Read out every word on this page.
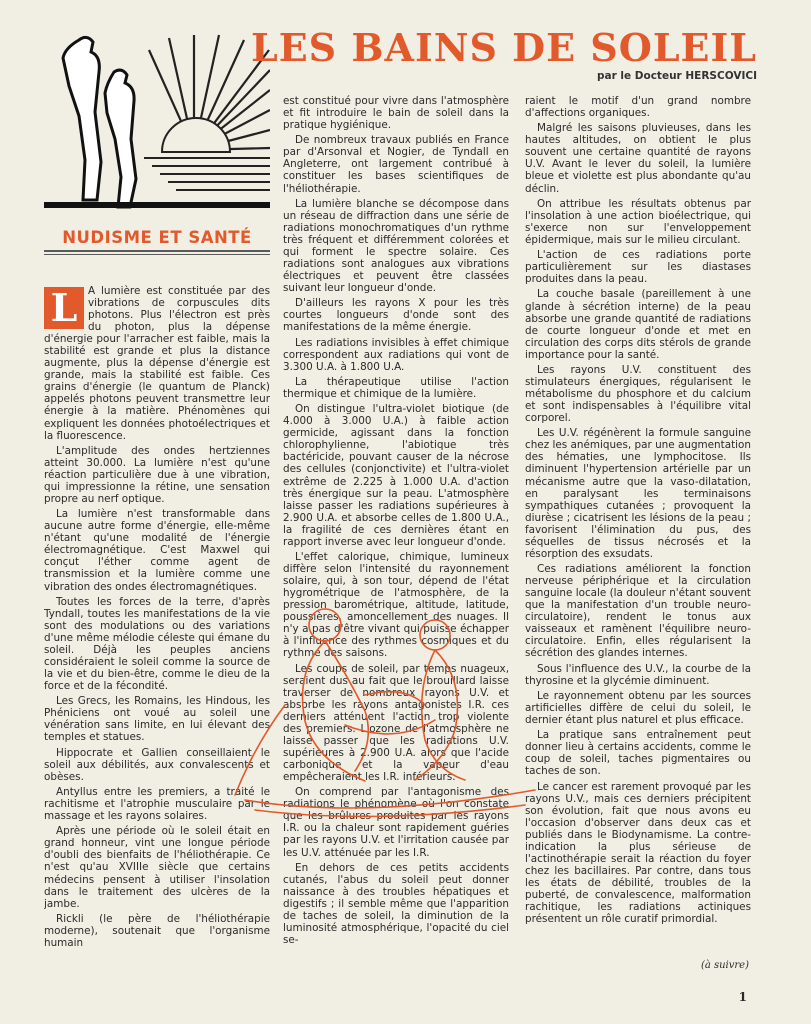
LES BAINS DE SOLEIL
par le Docteur HERSCOVICI
NUDISME ET SANTÉ

L	A lumière est constituée par des vibrations de corpuscules dits photons. Plus l'électron est près du photon, plus la dépense d'énergie pour l'arracher est faible, mais la stabilité est grande et plus la distance augmente, plus la dépense d'énergie est grande, mais la stabilité est faible. Ces grains d'énergie (le quantum de Planck) appelés photons peuvent transmettre leur énergie à la matière. Phénomènes qui expliquent les données photoélectriques et la fluorescence.

L'amplitude des ondes hertziennes atteint 30.000. La lumière n'est qu'une réaction particulière due à une vibration, qui impressionne la rétine, une sensation propre au nerf optique.

La lumière n'est transformable dans aucune autre forme d'énergie, elle-même n'étant qu'une modalité de l'énergie électromagnétique. C'est Maxwel qui conçut l'éther comme agent de transmission et la lumière comme une vibration des ondes électromagnétiques.

Toutes les forces de la terre, d'après Tyndall, toutes les manifestations de la vie sont des modulations ou des variations d'une même mélodie céleste qui émane du soleil. Déjà les peuples anciens considéraient le soleil comme la source de la vie et du bien-être, comme le dieu de la force et de la fécondité.

Les Grecs, les Romains, les Hindous, les Phéniciens ont voué au soleil une vénération sans limite, en lui élevant des temples et statues.

Hippocrate et Gallien conseillaient le soleil aux débilités, aux convalescents et obèses.

Antyllus entre les premiers, a traité le rachitisme et l'atrophie musculaire par le massage et les rayons solaires.

Après une période où le soleil était en grand honneur, vint une longue période d'oubli des bienfaits de l'héliothérapie. Ce n'est qu'au XVIIIe siècle que certains médecins pensent à utiliser l'insolation dans le traitement des ulcères de la jambe.

Rickli (le père de l'héliothérapie moderne), soutenait que l'organisme humain

est constitué pour vivre dans l'atmosphère et fit introduire le bain de soleil dans la pratique hygiénique.

De nombreux travaux publiés en France par d'Arsonval et Nogier, de Tyndall en Angleterre, ont largement contribué à constituer les bases scientifiques de l'héliothérapie.

La lumière blanche se décompose dans un réseau de diffraction dans une série de radiations monochromatiques d'un rythme très fréquent et différemment colorées et qui forment le spectre solaire. Ces radiations sont analogues aux vibrations électriques et peuvent être classées suivant leur longueur d'onde.

D'ailleurs les rayons X pour les très courtes longueurs d'onde sont des manifestations de la même énergie.

Les radiations invisibles à effet chimique correspondent aux radiations qui vont de 3.300 U.A. à 1.800 U.A.

La thérapeutique utilise l'action thermique et chimique de la lumière.

On distingue l'ultra-violet biotique (de 4.000 à 3.000 U.A.) à faible action germicide, agissant dans la fonction chlorophylienne, l'abiotique très bactéricide, pouvant causer de la nécrose des cellules (conjonctivite) et l'ultra-violet extrême de 2.225 à 1.000 U.A. d'action très énergique sur la peau. L'atmosphère laisse passer les radiations supérieures à 2.900 U.A. et absorbe celles de 1.800 U.A., la fragilité de ces dernières étant en rapport inverse avec leur longueur d'onde.

L'effet calorique, chimique, lumineux diffère selon l'intensité du rayonnement solaire, qui, à son tour, dépend de l'état hygrométrique de l'atmosphère, de la pression barométrique, altitude, latitude, poussières, amoncellement des nuages. Il n'y a pas d'être vivant qui puisse échapper à l'influence des rythmes cosmiques et du rythme des saisons.

Les coups de soleil, par temps nuageux, seraient dus au fait que le brouillard laisse traverser de nombreux rayons U.V. et absorbe les rayons antagonistes I.R. ces derniers atténuent l'action trop violente des premiers. L'ozone de l'atmosphère ne laisse passer que les radiations U.V. supérieures à 2.900 U.A. alors que l'acide carbonique et la vapeur d'eau empêcheraient les I.R. inférieurs.

On comprend par l'antagonisme des radiations le phénomène où l'on constate que les brûlures produites par les rayons I.R. ou la chaleur sont rapidement guéries par les rayons U.V. et l'irritation causée par les U.V. atténuée par les I.R.

En dehors de ces petits accidents cutanés, l'abus du soleil peut donner naissance à des troubles hépatiques et digestifs ; il semble même que l'apparition de taches de soleil, la diminution de la luminosité atmosphérique, l'opacité du ciel se-

raient le motif d'un grand nombre d'affections organiques.

Malgré les saisons pluvieuses, dans les hautes altitudes, on obtient le plus souvent une certaine quantité de rayons U.V. Avant le lever du soleil, la lumière bleue et violette est plus abondante qu'au déclin.

On attribue les résultats obtenus par l'insolation à une action bioélectrique, qui s'exerce non sur l'enveloppement épidermique, mais sur le milieu circulant.

L'action de ces radiations porte particulièrement sur les diastases produites dans la peau.

La couche basale (pareillement à une glande à sécrétion interne) de la peau absorbe une grande quantité de radiations de courte longueur d'onde et met en circulation des corps dits stérols de grande importance pour la santé.

Les rayons U.V. constituent des stimulateurs énergiques, régularisent le métabolisme du phosphore et du calcium et sont indispensables à l'équilibre vital corporel.

Les U.V. régénèrent la formule sanguine chez les anémiques, par une augmentation des hématies, une lymphocitose. Ils diminuent l'hypertension artérielle par un mécanisme autre que la vaso-dilatation, en paralysant les terminaisons sympathiques cutanées ; provoquent la diurèse ; cicatrisent les lésions de la peau ; favorisent l'élimination du pus, des séquelles de tissus nécrosés et la résorption des exsudats.

Ces radiations améliorent la fonction nerveuse périphérique et la circulation sanguine locale (la douleur n'étant souvent que la manifestation d'un trouble neuro-circulatoire), rendent le tonus aux vaisseaux et ramènent l'équilibre neuro-circulatoire. Enfin, elles régularisent la sécrétion des glandes internes.

Sous l'influence des U.V., la courbe de la thyrosine et la glycémie diminuent.

Le rayonnement obtenu par les sources artificielles diffère de celui du soleil, le dernier étant plus naturel et plus efficace.

La pratique sans entraînement peut donner lieu à certains accidents, comme le coup de soleil, taches pigmentaires ou taches de son.

Le cancer est rarement provoqué par les rayons U.V., mais ces derniers précipitent son évolution, fait que nous avons eu l'occasion d'observer dans deux cas et publiés dans le Biodynamisme. La contre-indication la plus sérieuse de l'actinothérapie serait la réaction du foyer chez les bacillaires. Par contre, dans tous les états de débilité, troubles de la puberté, de convalescence, malformation rachitique, les radiations actiniques présentent un rôle curatif primordial.

(à suivre)
1
